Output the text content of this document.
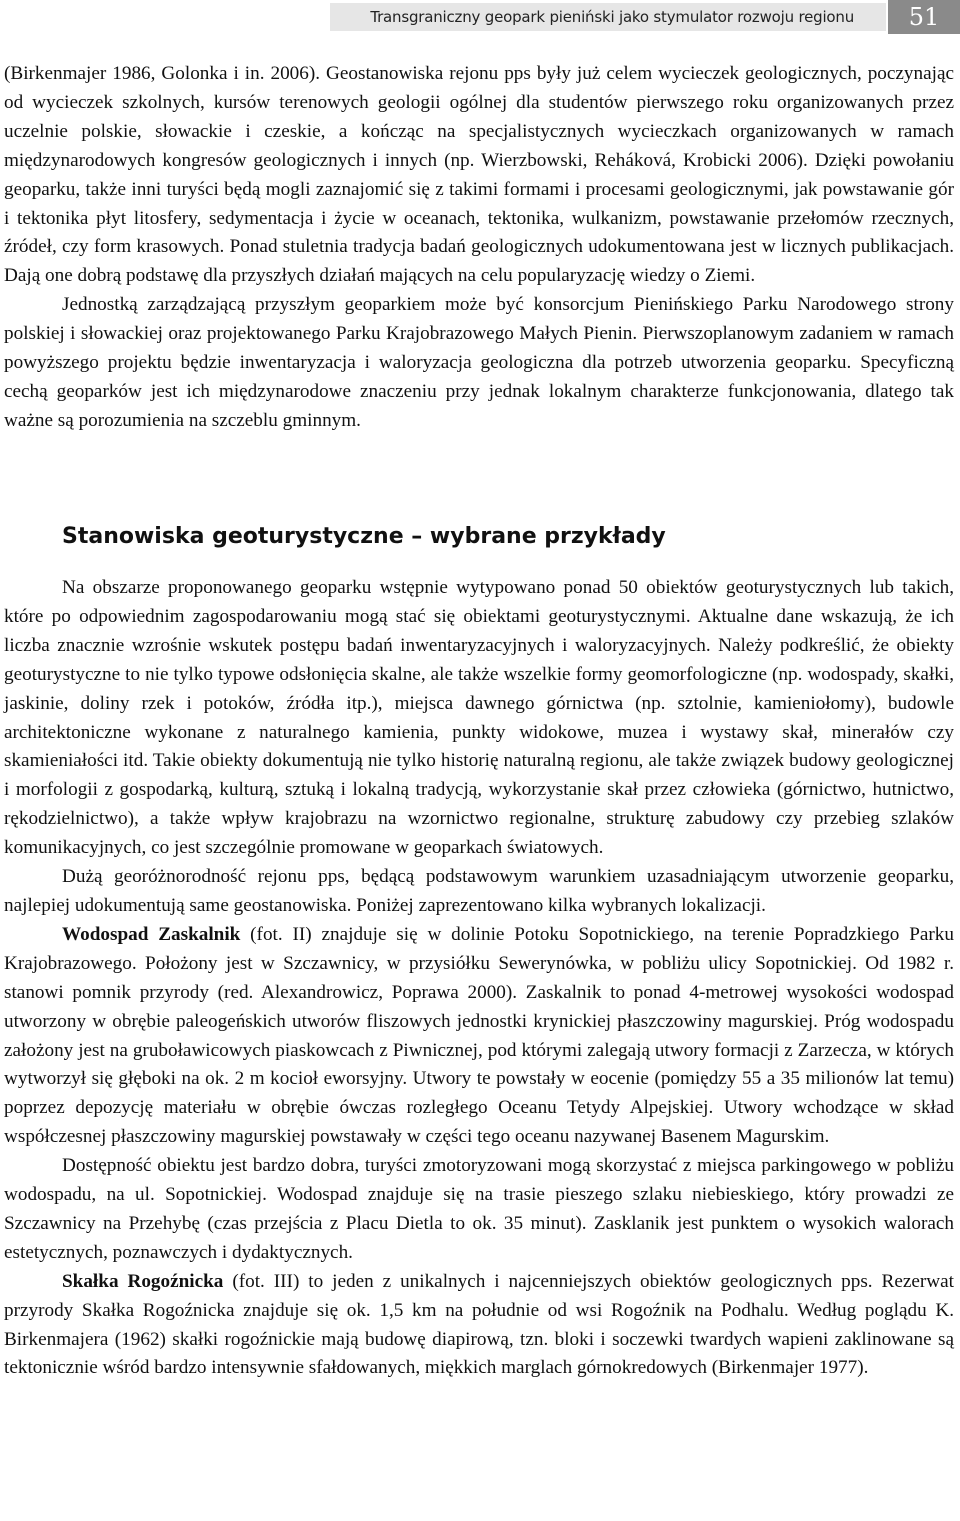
Transgraniczny geopark pieniński jako stymulator rozwoju regionu	51

(Birkenmajer 1986, Golonka i in. 2006). Geostanowiska rejonu pps były już celem wycieczek geologicznych, poczynając od wycieczek szkolnych, kursów terenowych geologii ogólnej dla studentów pierwszego roku organizowanych przez uczelnie polskie, słowackie i czeskie, a kończąc na specjalistycznych wycieczkach organizowanych w ramach międzynarodowych kongresów geologicznych i innych (np. Wierzbowski, Reháková, Krobicki 2006). Dzięki powołaniu geoparku, także inni turyści będą mogli zaznajomić się z takimi formami i procesami geologicznymi, jak powstawanie gór i tektonika płyt litosfery, sedymentacja i życie w oceanach, tektonika, wulkanizm, powstawanie przełomów rzecznych, źródeł, czy form krasowych. Ponad stuletnia tradycja badań geologicznych udokumentowana jest w licznych publikacjach. Dają one dobrą podstawę dla przyszłych działań mających na celu popularyzację wiedzy o Ziemi.

Jednostką zarządzającą przyszłym geoparkiem może być konsorcjum Pienińskiego Parku Narodowego strony polskiej i słowackiej oraz projektowanego Parku Krajobrazowego Małych Pienin. Pierwszoplanowym zadaniem w ramach powyższego projektu będzie inwentaryzacja i waloryzacja geologiczna dla potrzeb utworzenia geoparku. Specyficzną cechą geoparków jest ich międzynarodowe znaczeniu przy jednak lokalnym charakterze funkcjonowania, dlatego tak ważne są porozumienia na szczeblu gminnym.

Stanowiska geoturystyczne – wybrane przykłady

Na obszarze proponowanego geoparku wstępnie wytypowano ponad 50 obiektów geoturystycznych lub takich, które po odpowiednim zagospodarowaniu mogą stać się obiektami geoturystycznymi. Aktualne dane wskazują, że ich liczba znacznie wzrośnie wskutek postępu badań inwentaryzacyjnych i waloryzacyjnych. Należy podkreślić, że obiekty geoturystyczne to nie tylko typowe odsłonięcia skalne, ale także wszelkie formy geomorfologiczne (np. wodospady, skałki, jaskinie, doliny rzek i potoków, źródła itp.), miejsca dawnego górnictwa (np. sztolnie, kamieniołomy), budowle architektoniczne wykonane z naturalnego kamienia, punkty widokowe, muzea i wystawy skał, minerałów czy skamieniałości itd. Takie obiekty dokumentują nie tylko historię naturalną regionu, ale także związek budowy geologicznej i morfologii z gospodarką, kulturą, sztuką i lokalną tradycją, wykorzystanie skał przez człowieka (górnictwo, hutnictwo, rękodzielnictwo), a także wpływ krajobrazu na wzornictwo regionalne, strukturę zabudowy czy przebieg szlaków komunikacyjnych, co jest szczególnie promowane w geoparkach światowych.

Dużą georóżnorodność rejonu pps, będącą podstawowym warunkiem uzasadniającym utworzenie geoparku, najlepiej udokumentują same geostanowiska. Poniżej zaprezentowano kilka wybranych lokalizacji.

Wodospad Zaskalnik (fot. II) znajduje się w dolinie Potoku Sopotnickiego, na terenie Popradzkiego Parku Krajobrazowego. Położony jest w Szczawnicy, w przysiółku Sewerynówka, w pobliżu ulicy Sopotnickiej. Od 1982 r. stanowi pomnik przyrody (red. Alexandrowicz, Poprawa 2000). Zaskalnik to ponad 4-metrowej wysokości wodospad utworzony w obrębie paleogeńskich utworów fliszowych jednostki krynickiej płaszczowiny magurskiej. Próg wodospadu założony jest na gruboławicowych piaskowcach z Piwnicznej, pod którymi zalegają utwory formacji z Zarzecza, w których wytworzył się głęboki na ok. 2 m kocioł eworsyjny. Utwory te powstały w eocenie (pomiędzy 55 a 35 milionów lat temu) poprzez depozycję materiału w obrębie ówczas rozległego Oceanu Tetydy Alpejskiej. Utwory wchodzące w skład współczesnej płaszczowiny magurskiej powstawały w części tego oceanu nazywanej Basenem Magurskim.

Dostępność obiektu jest bardzo dobra, turyści zmotoryzowani mogą skorzystać z miejsca parkingowego w pobliżu wodospadu, na ul. Sopotnickiej. Wodospad znajduje się na trasie pieszego szlaku niebieskiego, który prowadzi ze Szczawnicy na Przehybę (czas przejścia z Placu Dietla to ok. 35 minut). Zasklanik jest punktem o wysokich walorach estetycznych, poznawczych i dydaktycznych.

Skałka Rogoźnicka (fot. III) to jeden z unikalnych i najcenniejszych obiektów geologicznych pps. Rezerwat przyrody Skałka Rogoźnicka znajduje się ok. 1,5 km na południe od wsi Rogoźnik na Podhalu. Według poglądu K. Birkenmajera (1962) skałki rogoźnickie mają budowę diapirową, tzn. bloki i soczewki twardych wapieni zaklinowane są tektonicznie wśród bardzo intensywnie sfałdowanych, miękkich marglach górnokredowych (Birkenmajer 1977).
